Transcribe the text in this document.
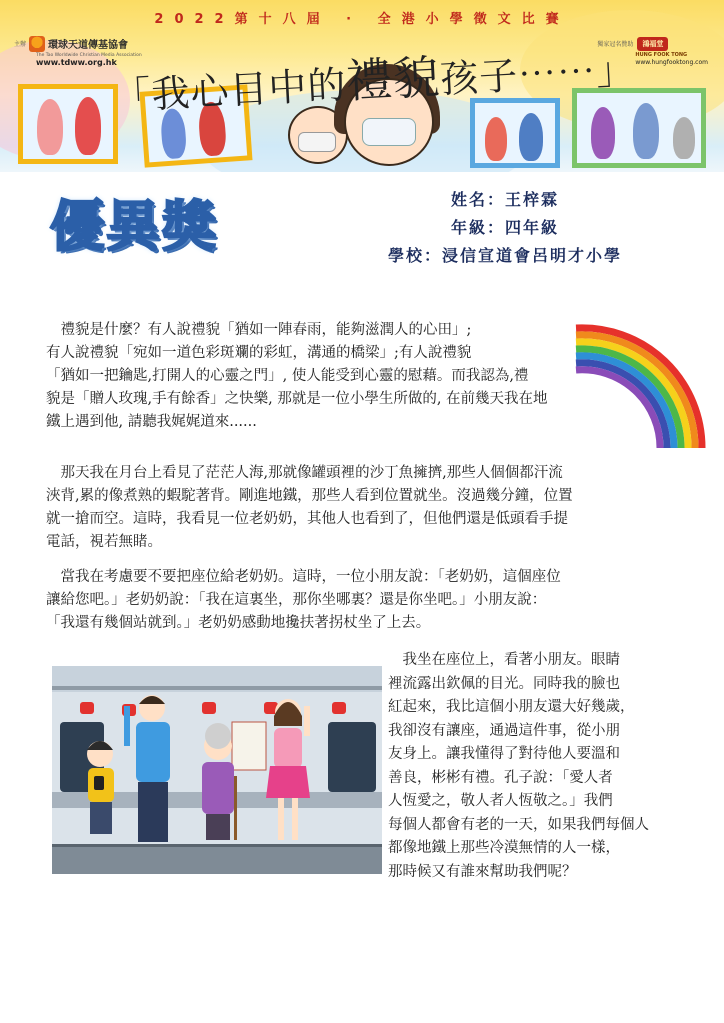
2022第十八屆 · 全港小學徵文比賽
主辦 環球天道傳基協會
The Tao Worldwide Christian Media Association
www.tdww.org.hk
獨家冠名贊助 鴻福堂
HUNG FOOK TONG
www.hungfooktong.com
「我心目中的禮貌孩子⋯⋯」
優異獎	姓名：王梓霖
年級：四年級
學校：浸信宣道會呂明才小學
　禮貌是什麼？有人說禮貌「猶如一陣春雨，能夠滋潤人的心田」;
有人說禮貌「宛如一道色彩斑斕的彩虹，溝通的橋梁」;有人說禮貌
「猶如一把鑰匙,打開人的心靈之門」, 使人能受到心靈的慰藉。而我認為,禮
貌是「贈人玫瑰,手有餘香」之快樂, 那就是一位小學生所做的, 在前幾天我在地
鐵上遇到他, 請聽我娓娓道來......
　那天我在月台上看見了茫茫人海,那就像罐頭裡的沙丁魚擁擠,那些人個個都汗流
浹背,累的像煮熟的蝦駝著背。剛進地鐵，那些人看到位置就坐。沒過幾分鐘，位置
就一搶而空。這時，我看見一位老奶奶，其他人也看到了，但他們還是低頭看手提
電話，視若無睹。
　當我在考慮要不要把座位給老奶奶。這時，一位小朋友說：「老奶奶，這個座位
讓給您吧。」老奶奶說：「我在這裏坐，那你坐哪裏？還是你坐吧。」小朋友說：
「我還有幾個站就到。」老奶奶感動地攙扶著拐杖坐了上去。
　我坐在座位上，看著小朋友。眼睛
裡流露出欽佩的目光。同時我的臉也
紅起來，我比這個小朋友還大好幾歲，
我卻沒有讓座，通過這件事，從小朋
友身上。讓我懂得了對待他人要溫和
善良，彬彬有禮。孔子說：「愛人者
人恆愛之，敬人者人恆敬之。」我們
每個人都會有老的一天，如果我們每個人
都像地鐵上那些冷漠無情的人一樣，
那時候又有誰來幫助我們呢？
